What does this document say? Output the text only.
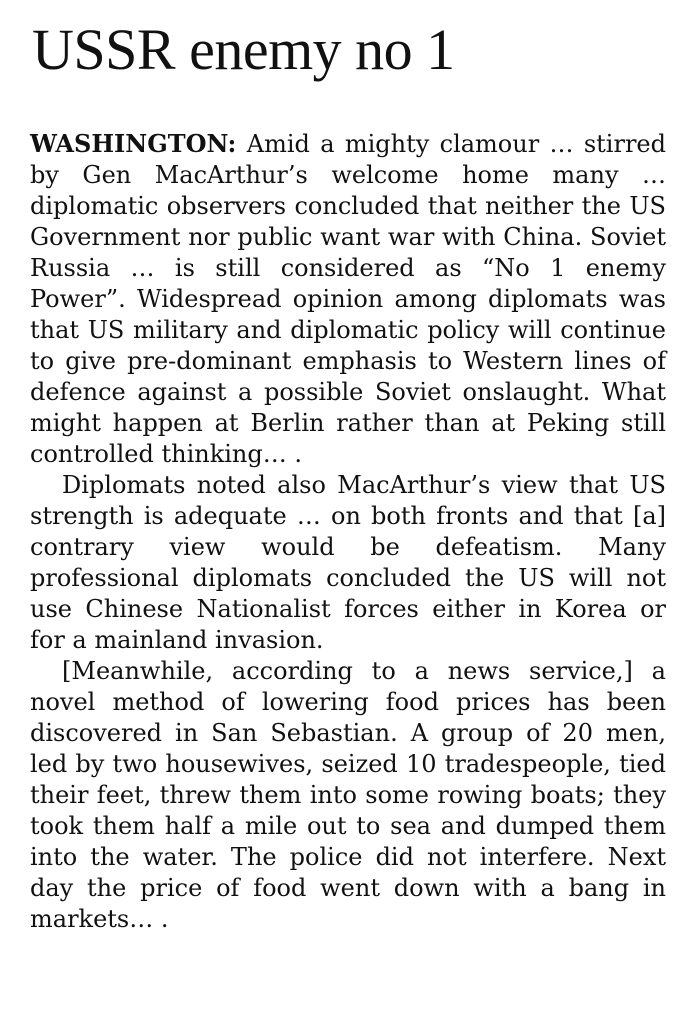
USSR enemy no 1

WASHINGTON: Amid a mighty clamour … stirred by Gen MacArthur’s welcome home many … diplomatic observers concluded that neither the US Government nor public want war with China. Soviet Russia … is still considered as “No 1 enemy Power”. Widespread opinion among diplomats was that US military and diplomatic policy will continue to give pre-dominant emphasis to Western lines of defence against a possible Soviet onslaught. What might happen at Berlin rather than at Peking still controlled thinking… .

Diplomats noted also MacArthur’s view that US strength is adequate … on both fronts and that [a] contrary view would be defeatism. Many professional diplomats concluded the US will not use Chinese Nationalist forces either in Korea or for a mainland invasion.

[Meanwhile, according to a news service,] a novel method of lowering food prices has been discovered in San Sebastian. A group of 20 men, led by two housewives, seized 10 tradespeople, tied their feet, threw them into some rowing boats; they took them half a mile out to sea and dumped them into the water. The police did not interfere. Next day the price of food went down with a bang in markets… .
